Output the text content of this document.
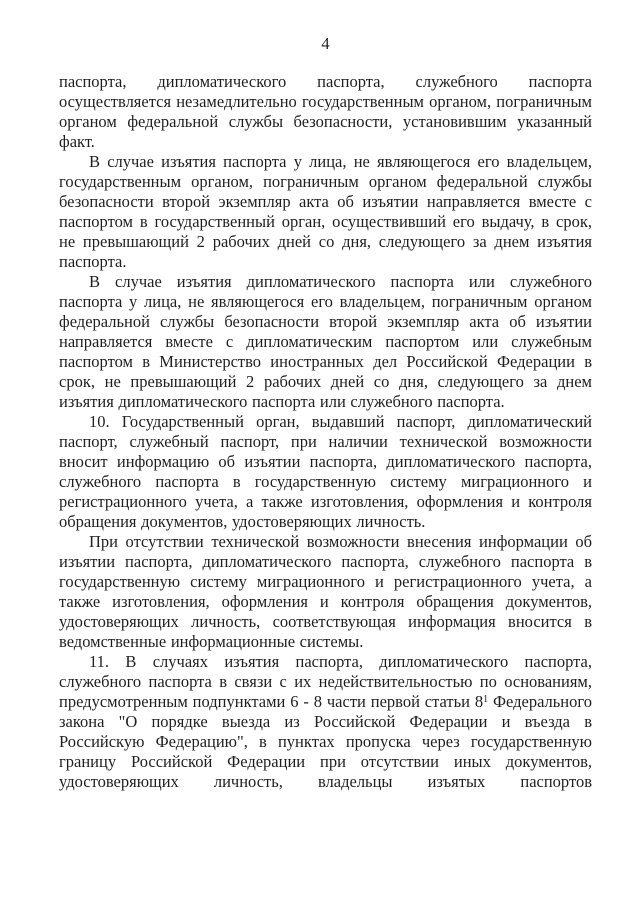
4

паспорта, дипломатического паспорта, служебного паспорта осуществляется незамедлительно государственным органом, пограничным органом федеральной службы безопасности, установившим указанный факт.

В случае изъятия паспорта у лица, не являющегося его владельцем, государственным органом, пограничным органом федеральной службы безопасности второй экземпляр акта об изъятии направляется вместе с паспортом в государственный орган, осуществивший его выдачу, в срок, не превышающий 2 рабочих дней со дня, следующего за днем изъятия паспорта.

В случае изъятия дипломатического паспорта или служебного паспорта у лица, не являющегося его владельцем, пограничным органом федеральной службы безопасности второй экземпляр акта об изъятии направляется вместе с дипломатическим паспортом или служебным паспортом в Министерство иностранных дел Российской Федерации в срок, не превышающий 2 рабочих дней со дня, следующего за днем изъятия дипломатического паспорта или служебного паспорта.

10. Государственный орган, выдавший паспорт, дипломатический паспорт, служебный паспорт, при наличии технической возможности вносит информацию об изъятии паспорта, дипломатического паспорта, служебного паспорта в государственную систему миграционного и регистрационного учета, а также изготовления, оформления и контроля обращения документов, удостоверяющих личность.

При отсутствии технической возможности внесения информации об изъятии паспорта, дипломатического паспорта, служебного паспорта в государственную систему миграционного и регистрационного учета, а также изготовления, оформления и контроля обращения документов, удостоверяющих личность, соответствующая информация вносится в ведомственные информационные системы.

11. В случаях изъятия паспорта, дипломатического паспорта, служебного паспорта в связи с их недействительностью по основаниям, предусмотренным подпунктами 6 - 8 части первой статьи 8$^1$ Федерального закона "О порядке выезда из Российской Федерации и въезда в Российскую Федерацию", в пунктах пропуска через государственную границу Российской Федерации при отсутствии иных документов, удостоверяющих личность, владельцы изъятых паспортов
